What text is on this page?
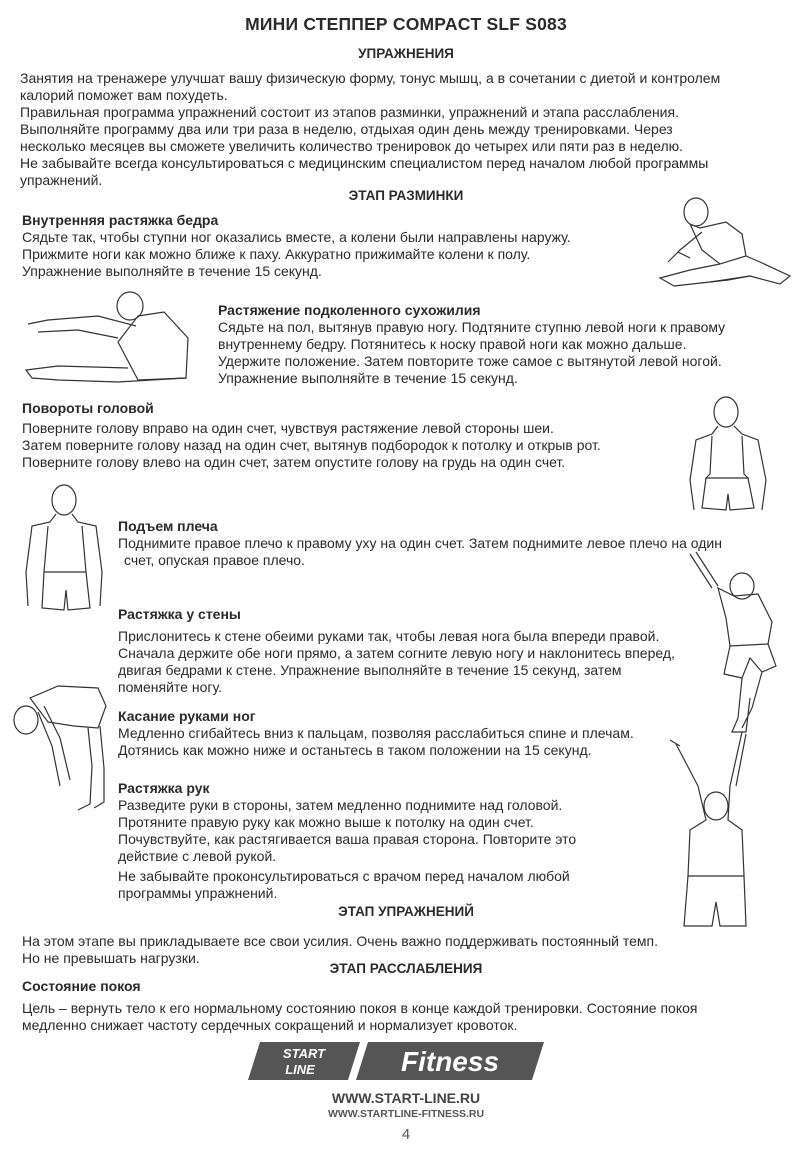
МИНИ СТЕППЕР COMPACT SLF S083
УПРАЖНЕНИЯ
Занятия на тренажере улучшат вашу физическую форму, тонус мышц, а в сочетании с диетой и контролем
калорий поможет вам похудеть.
Правильная программа упражнений состоит из этапов разминки, упражнений и этапа расслабления.
Выполняйте программу два или три раза в неделю, отдыхая один день между тренировками. Через
несколько месяцев вы сможете увеличить количество тренировок до четырех или пяти раз в неделю.
Не забывайте всегда консультироваться с медицинским специалистом перед началом любой программы
упражнений.
ЭТАП РАЗМИНКИ
Внутренняя растяжка бедра
Сядьте так, чтобы ступни ног оказались вместе, а колени были направлены наружу.
Прижмите ноги как можно ближе к паху. Аккуратно прижимайте колени к полу.
Упражнение выполняйте в течение 15 секунд.
Растяжение подколенного сухожилия
Сядьте на пол, вытянув правую ногу. Подтяните ступню левой ноги к правому
внутреннему бедру. Потянитесь к носку правой ноги как можно дальше.
Удержите положение. Затем повторите тоже самое с вытянутой левой ногой.
Упражнение выполняйте в течение 15 секунд.
Повороты головой
Поверните голову вправо на один счет, чувствуя растяжение левой стороны шеи.
Затем поверните голову назад на один счет, вытянув подбородок к потолку и открыв рот.
Поверните голову влево на один счет, затем опустите голову на грудь на один счет.
Подъем плеча
Поднимите правое плечо к правому уху на один счет. Затем поднимите левое плечо на один
счет, опуская правое плечо.
Растяжка у стены
Прислонитесь к стене обеими руками так, чтобы левая нога была впереди правой.
Сначала держите обе ноги прямо, а затем согните левую ногу и наклонитесь вперед,
двигая бедрами к стене. Упражнение выполняйте в течение 15 секунд, затем
поменяйте ногу.
Касание руками ног
Медленно сгибайтесь вниз к пальцам, позволяя расслабиться спине и плечам.
Дотянись как можно ниже и останьтесь в таком положении на 15 секунд.
Растяжка рук
Разведите руки в стороны, затем медленно поднимите над головой.
Протяните правую руку как можно выше к потолку на один счет.
Почувствуйте, как растягивается ваша правая сторона. Повторите это
действие с левой рукой.
Не забывайте проконсультироваться с врачом перед началом любой
программы упражнений.
ЭТАП УПРАЖНЕНИЙ
На этом этапе вы прикладываете все свои усилия. Очень важно поддерживать постоянный темп.
Но не превышать нагрузки.
ЭТАП РАССЛАБЛЕНИЯ
Состояние покоя
Цель – вернуть тело к его нормальному состоянию покоя в конце каждой тренировки. Состояние покоя
медленно снижает частоту сердечных сокращений и нормализует кровоток.
START
LINE	Fitness
WWW.START-LINE.RU
WWW.STARTLINE-FITNESS.RU
4
